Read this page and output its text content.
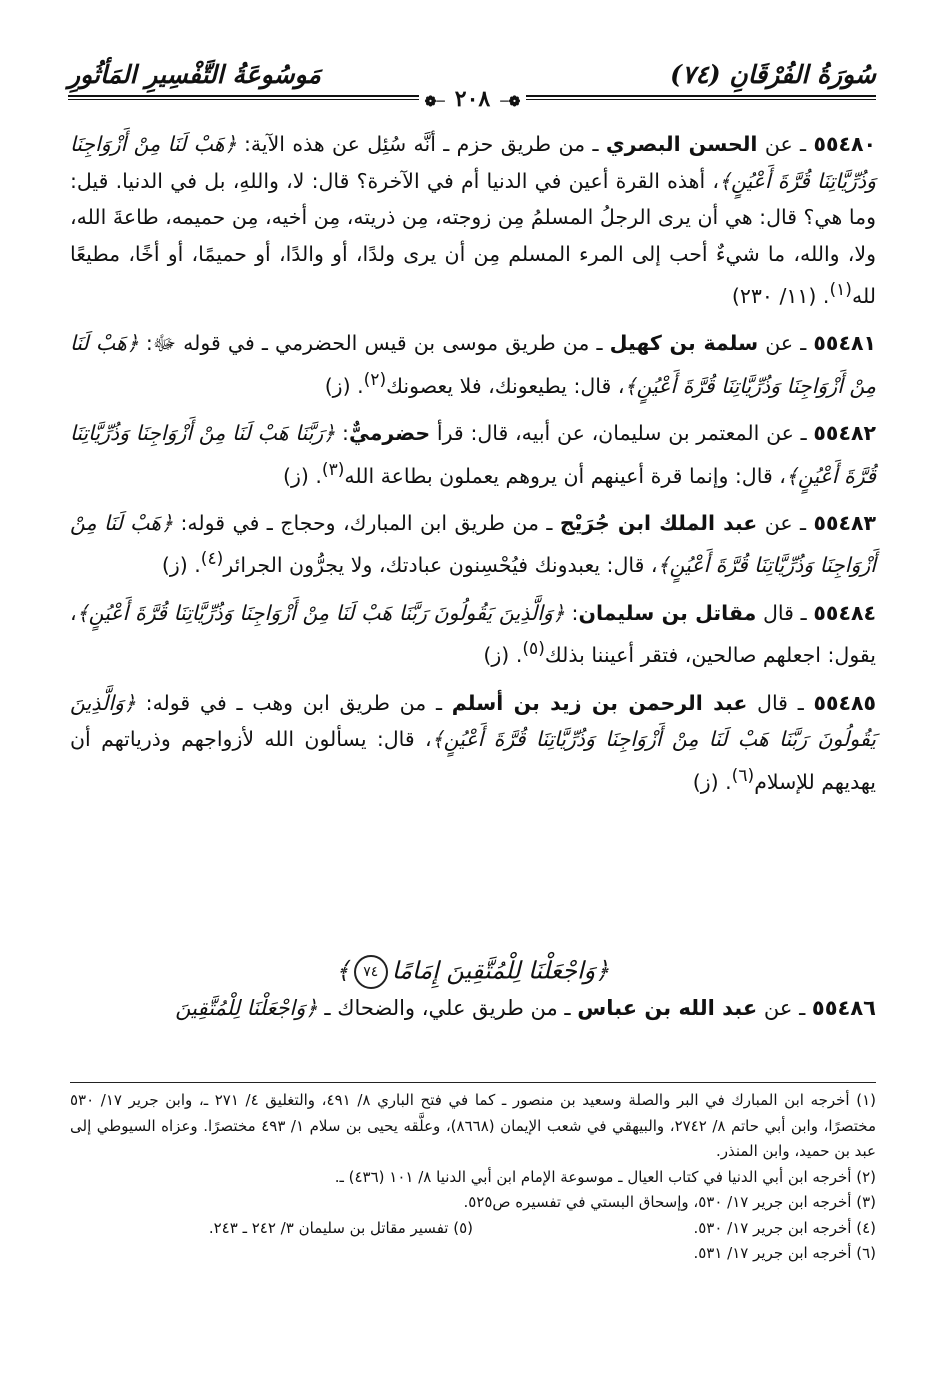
سُورَةُ الفُرْقَانِ (٧٤)
مَوسُوعَةُ التَّفْسِيرِ المَأثُورِ
❁─٢٠٨─❁

٥٥٤٨٠ ـ عن الحسن البصري ـ من طريق حزم ـ أنَّه سُئِل عن هذه الآية: ﴿هَبْ لَنَا مِنْ أَزْوَاجِنَا وَذُرِّيَّاتِنَا قُرَّةَ أَعْيُنٍ﴾، أهذه القرة أعين في الدنيا أم في الآخرة؟ قال: لا، واللهِ، بل في الدنيا. قيل: وما هي؟ قال: هي أن يرى الرجلُ المسلمُ مِن زوجته، مِن ذريته، مِن أخيه، مِن حميمه، طاعةَ الله، ولا، والله، ما شيءٌ أحب إلى المرء المسلم مِن أن يرى ولدًا، أو والدًا، أو حميمًا، أو أخًا، مطيعًا لله$^{(١)}$. (١١/ ٢٣٠)

٥٥٤٨١ ـ عن سلمة بن كهيل ـ من طريق موسى بن قيس الحضرمي ـ في قوله ﷻ: ﴿هَبْ لَنَا مِنْ أَزْوَاجِنَا وَذُرِّيَّاتِنَا قُرَّةَ أَعْيُنٍ﴾، قال: يطيعونك، فلا يعصونك$^{(٢)}$. (ز)

٥٥٤٨٢ ـ عن المعتمر بن سليمان، عن أبيه، قال: قرأ حضرميٌّ: ﴿رَبَّنَا هَبْ لَنَا مِنْ أَزْوَاجِنَا وَذُرِّيَّاتِنَا قُرَّةَ أَعْيُنٍ﴾، قال: وإنما قرة أعينهم أن يروهم يعملون بطاعة الله$^{(٣)}$. (ز)

٥٥٤٨٣ ـ عن عبد الملك ابن جُرَيْج ـ من طريق ابن المبارك، وحجاج ـ في قوله: ﴿هَبْ لَنَا مِنْ أَزْوَاجِنَا وَذُرِّيَّاتِنَا قُرَّةَ أَعْيُنٍ﴾، قال: يعبدونك فيُحْسِنون عبادتك، ولا يجرُّون الجرائر$^{(٤)}$. (ز)

٥٥٤٨٤ ـ قال مقاتل بن سليمان: ﴿وَالَّذِينَ يَقُولُونَ رَبَّنَا هَبْ لَنَا مِنْ أَزْوَاجِنَا وَذُرِّيَّاتِنَا قُرَّةَ أَعْيُنٍ﴾، يقول: اجعلهم صالحين، فتقر أعيننا بذلك$^{(٥)}$. (ز)

٥٥٤٨٥ ـ قال عبد الرحمن بن زيد بن أسلم ـ من طريق ابن وهب ـ في قوله: ﴿وَالَّذِينَ يَقُولُونَ رَبَّنَا هَبْ لَنَا مِنْ أَزْوَاجِنَا وَذُرِّيَّاتِنَا قُرَّةَ أَعْيُنٍ﴾، قال: يسألون الله لأزواجهم وذرياتهم أن يهديهم للإسلام$^{(٦)}$. (ز)

﴿وَاجْعَلْنَا لِلْمُتَّقِينَ إِمَامًا٧٤﴾
٥٥٤٨٦ ـ عن عبد الله بن عباس ـ من طريق علي، والضحاك ـ ﴿وَاجْعَلْنَا لِلْمُتَّقِينَ

(١) أخرجه ابن المبارك في البر والصلة وسعيد بن منصور ـ كما في فتح الباري ٨/ ٤٩١، والتغليق ٤/ ٢٧١ ـ، وابن جرير ١٧/ ٥٣٠ مختصرًا، وابن أبي حاتم ٨/ ٢٧٤٢، والبيهقي في شعب الإيمان (٨٦٦٨)، وعلَّقه يحيى بن سلام ١/ ٤٩٣ مختصرًا. وعزاه السيوطي إلى عبد بن حميد، وابن المنذر.

(٢) أخرجه ابن أبي الدنيا في كتاب العيال ـ موسوعة الإمام ابن أبي الدنيا ٨/ ١٠١ (٤٣٦) ـ.

(٣) أخرجه ابن جرير ١٧/ ٥٣٠، وإسحاق البستي في تفسيره ص٥٢٥.

(٤) أخرجه ابن جرير ١٧/ ٥٣٠.

(٥) تفسير مقاتل بن سليمان ٣/ ٢٤٢ ـ ٢٤٣.

(٦) أخرجه ابن جرير ١٧/ ٥٣١.
